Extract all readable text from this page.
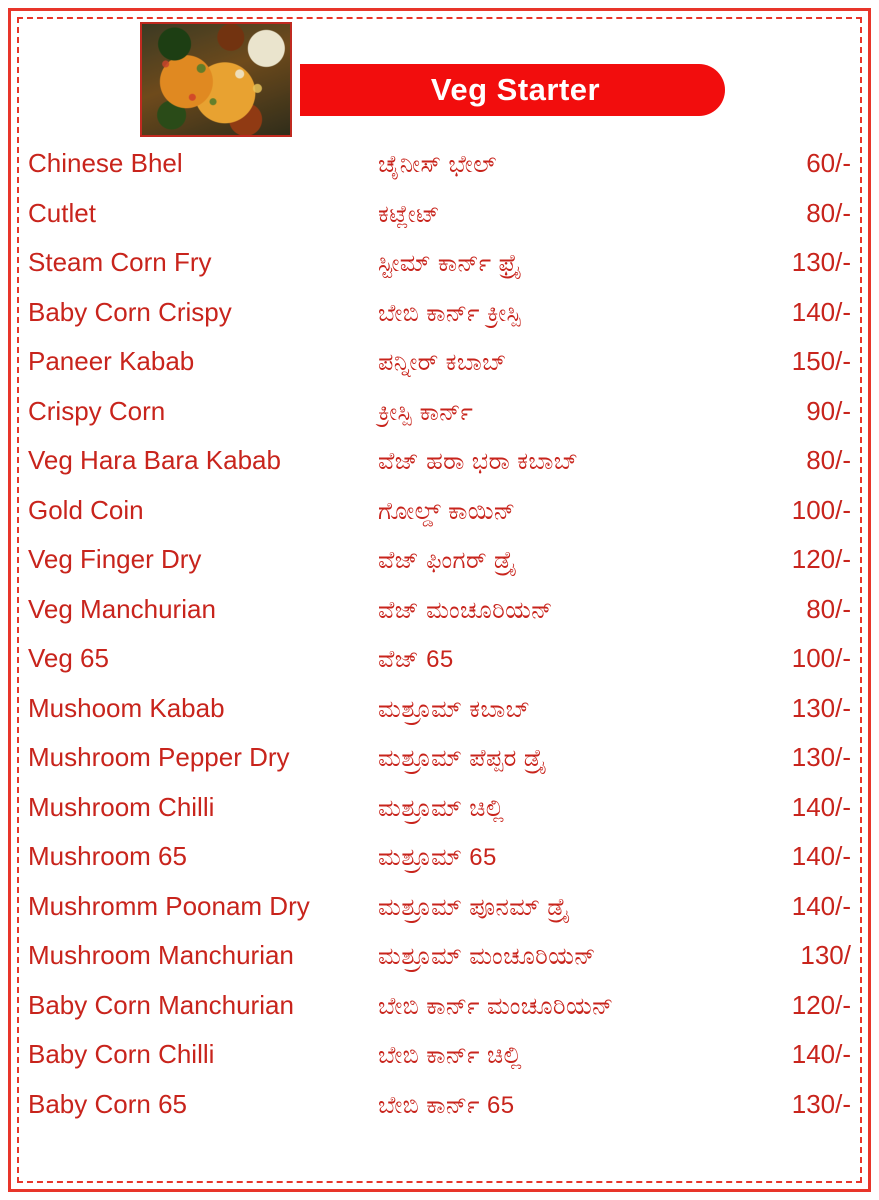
Veg Starter
Chinese Bhel	ಚೈನೀಸ್ ಭೇಲ್	60/-
Cutlet	ಕಟ್ಲೇಟ್	80/-
Steam Corn Fry	ಸ್ಟೀಮ್ ಕಾರ್ನ್ ಫ್ರೈ	130/-
Baby Corn Crispy	ಬೇಬಿ ಕಾರ್ನ್ ಕ್ರೀಸ್ಪಿ	140/-
Paneer Kabab	ಪನ್ನೀರ್ ಕಬಾಬ್	150/-
Crispy Corn	ಕ್ರೀಸ್ಪಿ ಕಾರ್ನ್	90/-
Veg Hara Bara Kabab	ವೆಜ್ ಹರಾ ಭರಾ ಕಬಾಬ್	80/-
Gold Coin	ಗೋಲ್ಡ್ ಕಾಯಿನ್	100/-
Veg Finger Dry	ವೆಜ್ ಫಿಂಗರ್ ಡ್ರೈ	120/-
Veg Manchurian	ವೆಜ್ ಮಂಚೂರಿಯನ್	80/-
Veg 65	ವೆಜ್ 65	100/-
Mushoom Kabab	ಮಶ್ರೂಮ್ ಕಬಾಬ್	130/-
Mushroom Pepper Dry	ಮಶ್ರೂಮ್ ಪೆಪ್ಪರ ಡ್ರೈ	130/-
Mushroom Chilli	ಮಶ್ರೂಮ್ ಚಿಲ್ಲಿ	140/-
Mushroom 65	ಮಶ್ರೂಮ್ 65	140/-
Mushromm Poonam Dry	ಮಶ್ರೂಮ್ ಪೂನಮ್ ಡ್ರೈ	140/-
Mushroom Manchurian	ಮಶ್ರೂಮ್ ಮಂಚೂರಿಯನ್	130/
Baby Corn Manchurian	ಬೇಬಿ ಕಾರ್ನ್ ಮಂಚೂರಿಯನ್	120/-
Baby Corn Chilli	ಬೇಬಿ ಕಾರ್ನ್ ಚಿಲ್ಲಿ	140/-
Baby Corn 65	ಬೇಬಿ ಕಾರ್ನ್ 65	130/-
